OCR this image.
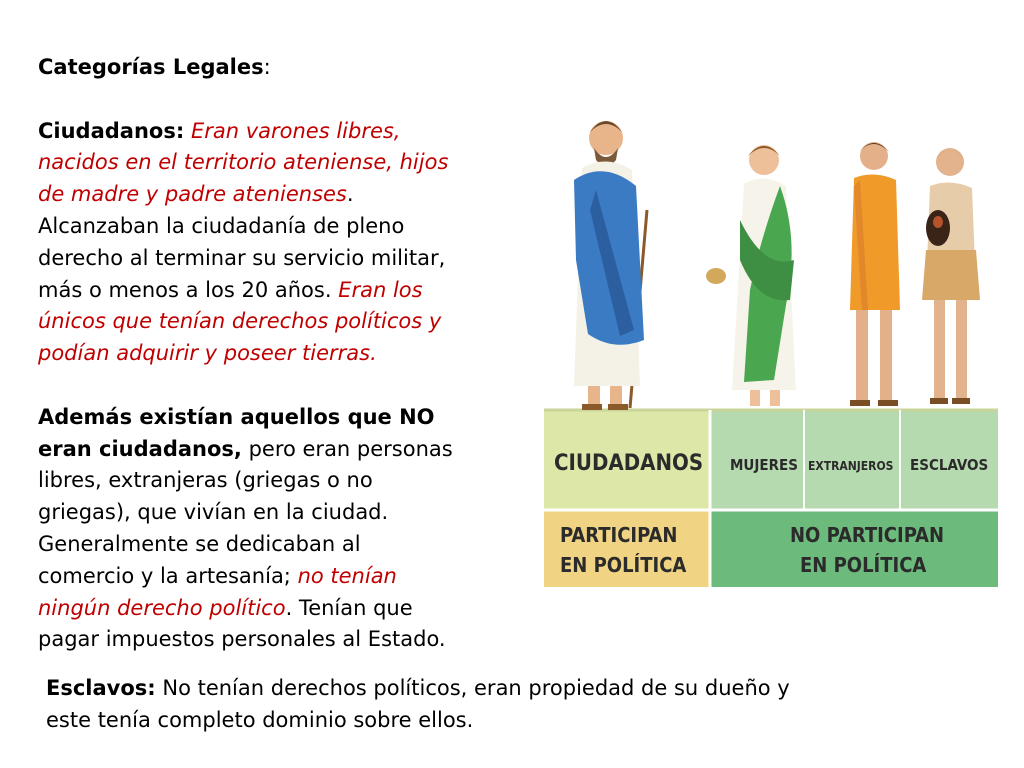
Categorías Legales:

Ciudadanos: Eran varones libres,
nacidos en el territorio ateniense, hijos
de madre y padre atenienses.
Alcanzaban la ciudadanía de pleno
derecho al terminar su servicio militar,
más o menos a los 20 años. Eran los
únicos que tenían derechos políticos y
podían adquirir y poseer tierras.

Además existían aquellos que NO
eran ciudadanos, pero eran personas
libres, extranjeras (griegas o no
griegas), que vivían en la ciudad.
Generalmente se dedicaban al
comercio y la artesanía; no tenían
ningún derecho político. Tenían que
pagar impuestos personales al Estado.
Esclavos: No tenían derechos políticos, eran propiedad de su dueño y
este tenía completo dominio sobre ellos.
CIUDADANOS MUJERES EXTRANJEROS ESCLAVOS
PARTICIPAN
EN POLÍTICA
NO PARTICIPAN
EN POLÍTICA
